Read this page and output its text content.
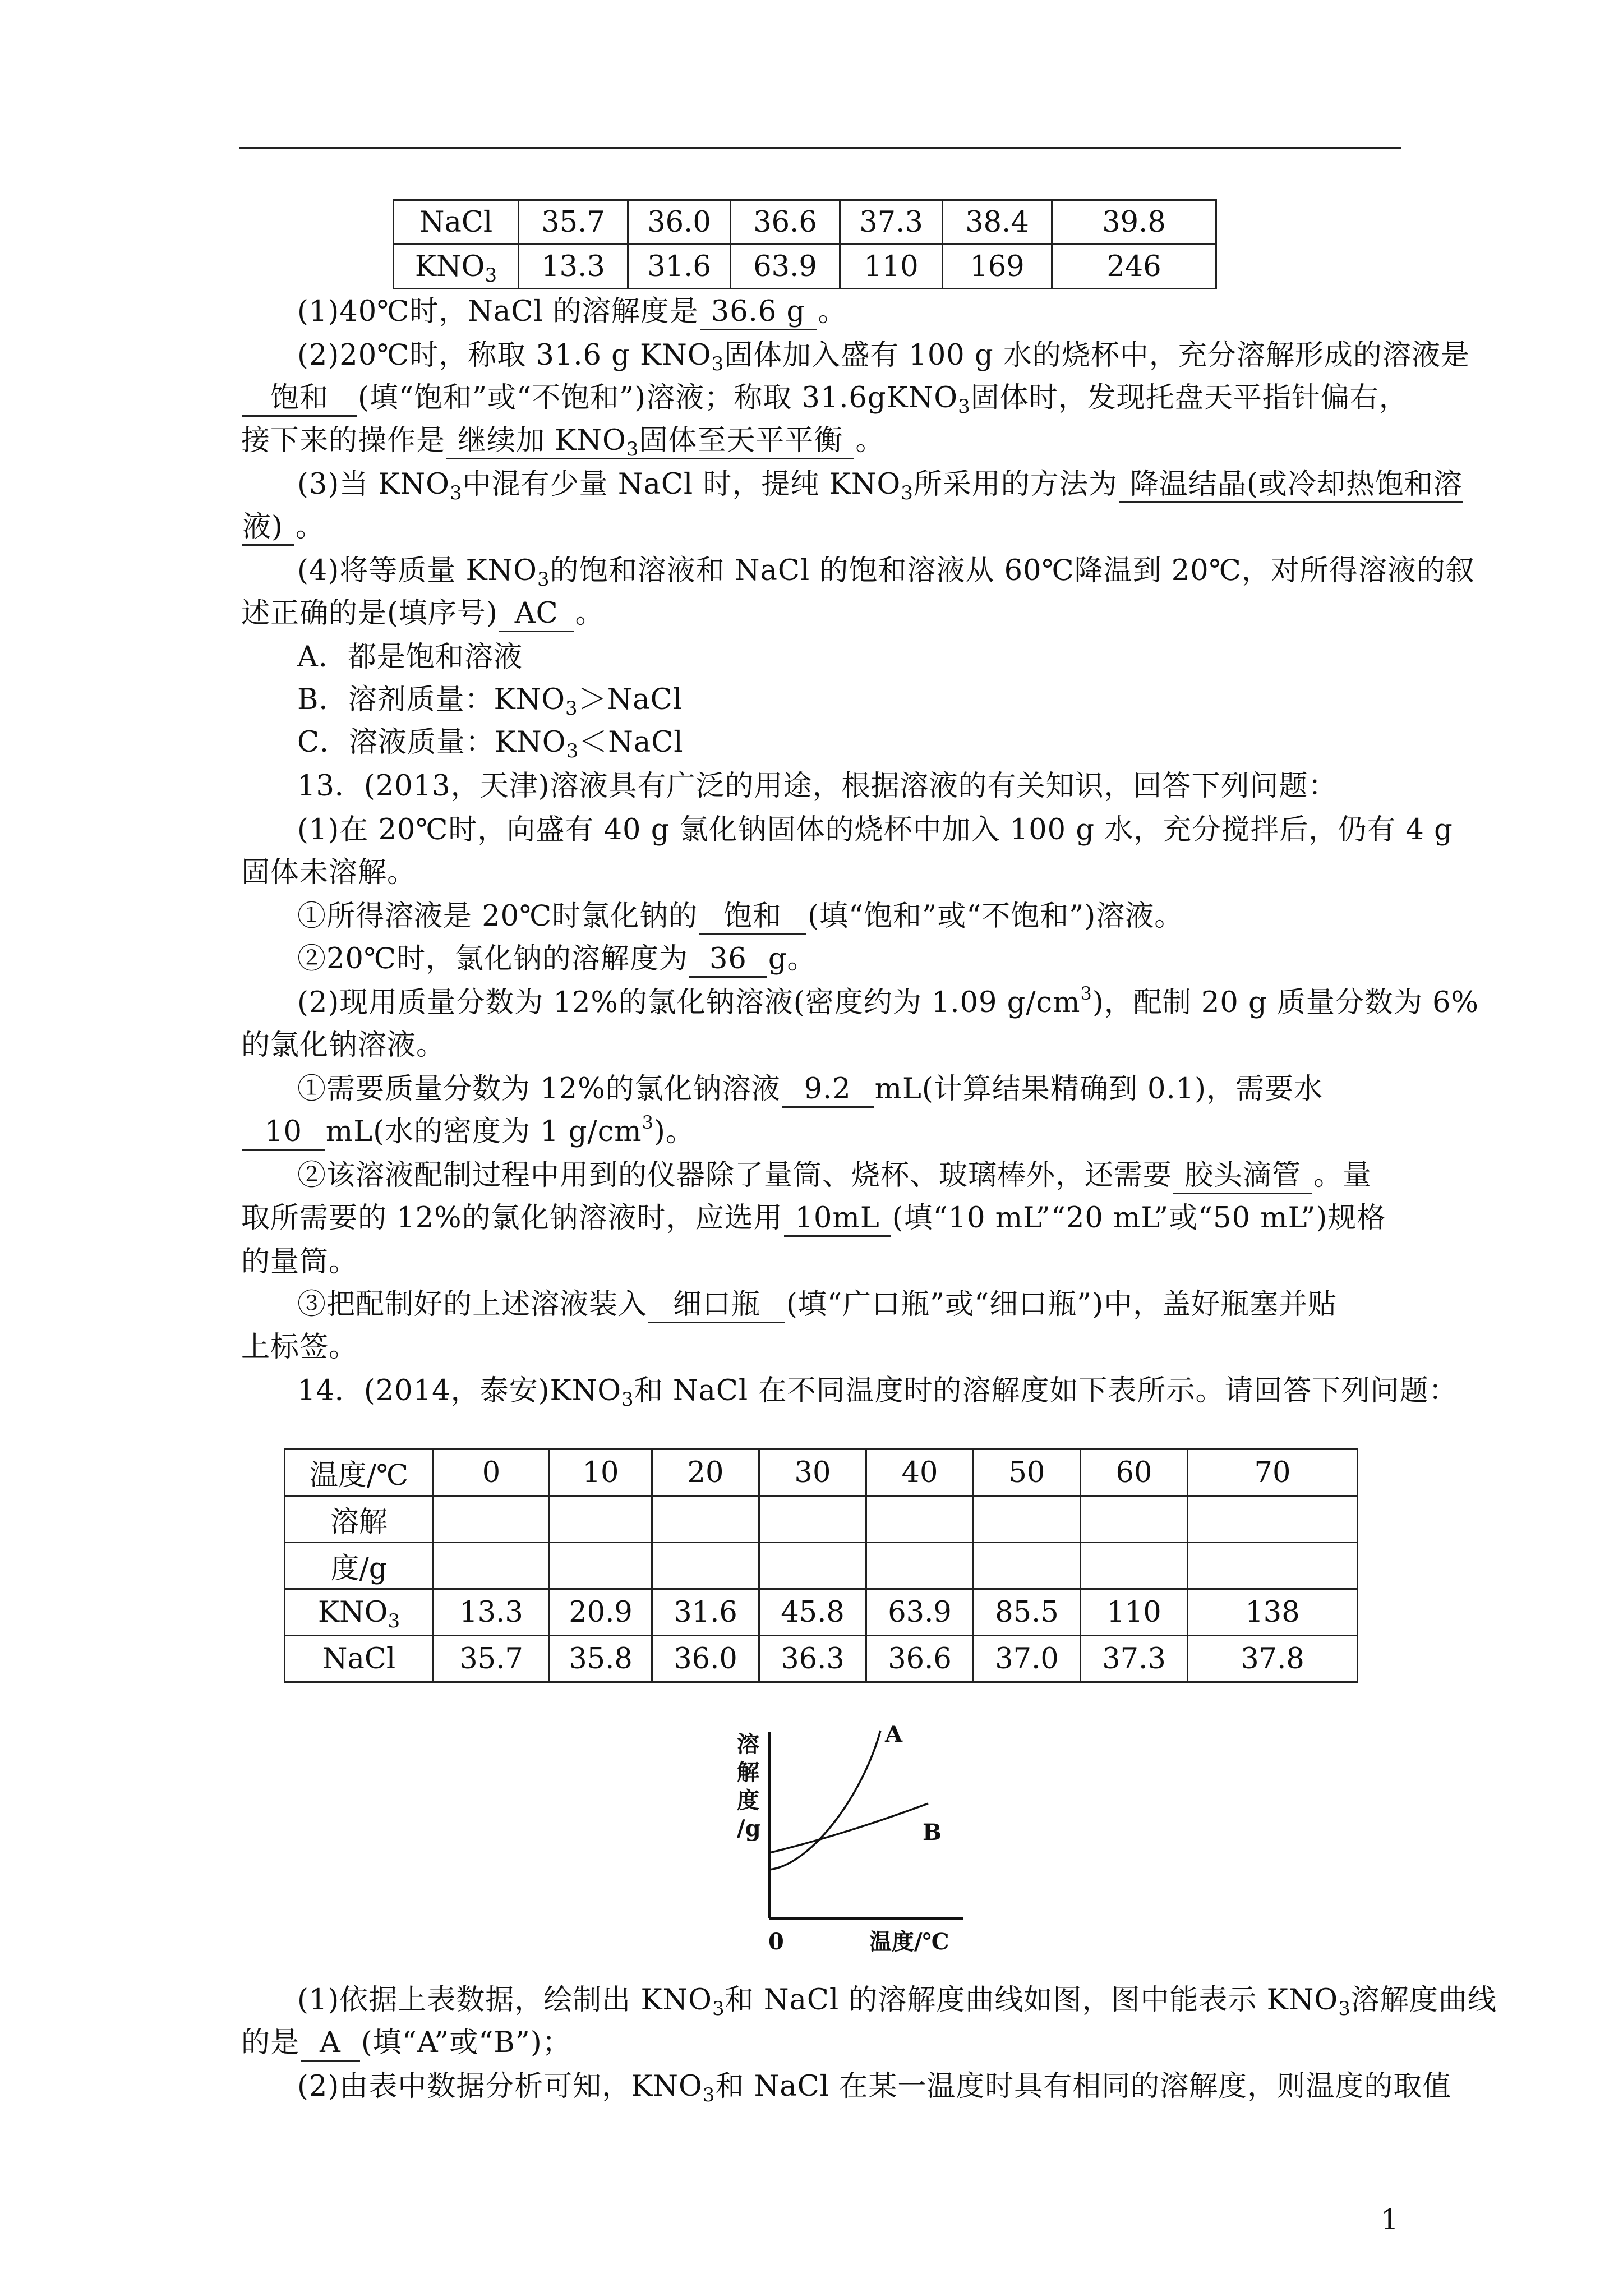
NaCl	35.7	36.0	36.6	37.3	38.4	39.8
$KNO_3$	13.3	31.6	63.9	110	169	246
(1)40℃时，NaCl 的溶解度是 36.6 g 。
(2)20℃时，称取 31.6 g $KNO_3$固体加入盛有 100 g 水的烧杯中，充分溶解形成的溶液是
饱和 (填“饱和”或“不饱和”)溶液；称取 31.6gKNO$_3$固体时，发现托盘天平指针偏右，
接下来的操作是 继续加 $KNO_3$固体至天平平衡 。
(3)当 $KNO_3$中混有少量 NaCl 时，提纯 $KNO_3$所采用的方法为 降温结晶(或冷却热饱和溶
液) 。
(4)将等质量 $KNO_3$的饱和溶液和 NaCl 的饱和溶液从 60℃降温到 20℃，对所得溶液的叙
述正确的是(填序号) AC 。
A．都是饱和溶液
B．溶剂质量：$KNO_3>NaCl$
C．溶液质量：$KNO_3<NaCl$
13．(2013，天津)溶液具有广泛的用途，根据溶液的有关知识，回答下列问题：
(1)在 20℃时，向盛有 40 g 氯化钠固体的烧杯中加入 100 g 水，充分搅拌后，仍有 4 g
固体未溶解。
①所得溶液是 20℃时氯化钠的 饱和 (填“饱和”或“不饱和”)溶液。
②20℃时，氯化钠的溶解度为 36 g。
(2)现用质量分数为 12%的氯化钠溶液(密度约为 1.09 $g/cm^3$)，配制 20 g 质量分数为 6%
的氯化钠溶液。
①需要质量分数为 12%的氯化钠溶液 9.2 mL(计算结果精确到 0.1)，需要水
10 mL(水的密度为 1 $g/cm^3$)。
②该溶液配制过程中用到的仪器除了量筒、烧杯、玻璃棒外，还需要 胶头滴管 。量
取所需要的 12%的氯化钠溶液时，应选用 10mL (填“10 mL”“20 mL”或“50 mL”)规格
的量筒。
③把配制好的上述溶液装入 细口瓶 (填“广口瓶”或“细口瓶”)中，盖好瓶塞并贴
上标签。
14．(2014，泰安)$KNO_3$和 NaCl 在不同温度时的溶解度如下表所示。请回答下列问题：
温度/℃	0	10	20	30	40	50	60	70
溶解								
度/g								
$KNO_3$	13.3	20.9	31.6	45.8	63.9	85.5	110	138
NaCl	35.7	35.8	36.0	36.3	36.6	37.0	37.3	37.8
溶
解
度
/g
A
B
0	温度/℃
(1)依据上表数据，绘制出 $KNO_3$和 NaCl 的溶解度曲线如图，图中能表示 $KNO_3$溶解度曲线
的是 A (填“A”或“B”)；
(2)由表中数据分析可知，$KNO_3$和 NaCl 在某一温度时具有相同的溶解度，则温度的取值
1
